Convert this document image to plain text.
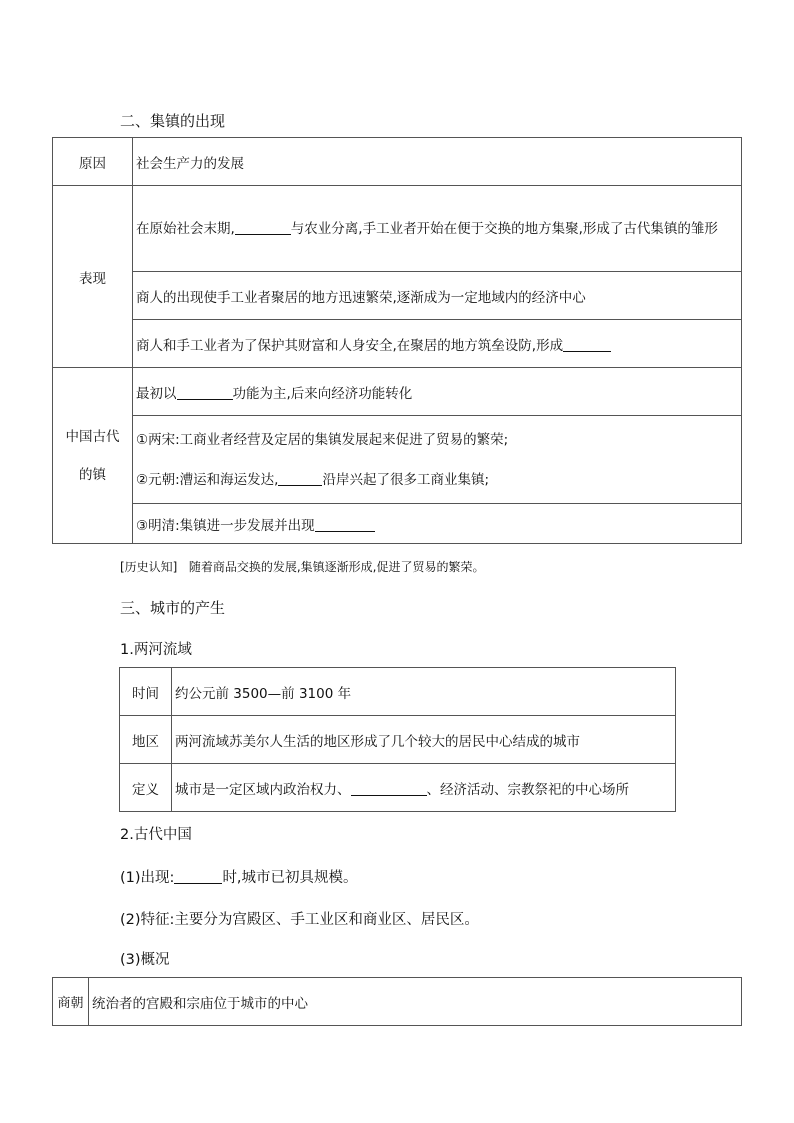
二、集镇的出现
原因	社会生产力的发展
表现	在原始社会末期, 与农业分离,手工业者开始在便于交换的地方集聚,形成了古代集镇的雏形
	商人的出现使手工业者聚居的地方迅速繁荣,逐渐成为一定地域内的经济中心
	商人和手工业者为了保护其财富和人身安全,在聚居的地方筑垒设防,形成
中国古代的镇	最初以 功能为主,后来向经济功能转化

	①两宋:工商业者经营及定居的集镇发展起来促进了贸易的繁荣;
②元朝:漕运和海运发达, 沿岸兴起了很多工商业集镇;

	③明清:集镇进一步发展并出现
[历史认知] 随着商品交换的发展,集镇逐渐形成,促进了贸易的繁荣。
三、城市的产生
1.两河流域
时间	约公元前 3500—前 3100 年
地区	两河流域苏美尔人生活的地区形成了几个较大的居民中心结成的城市
定义	城市是一定区域内政治权力、 、经济活动、宗教祭祀的中心场所
2.古代中国
(1)出现:	时,城市已初具规模。
(2)特征:主要分为宫殿区、手工业区和商业区、居民区。
(3)概况
商朝	统治者的宫殿和宗庙位于城市的中心
